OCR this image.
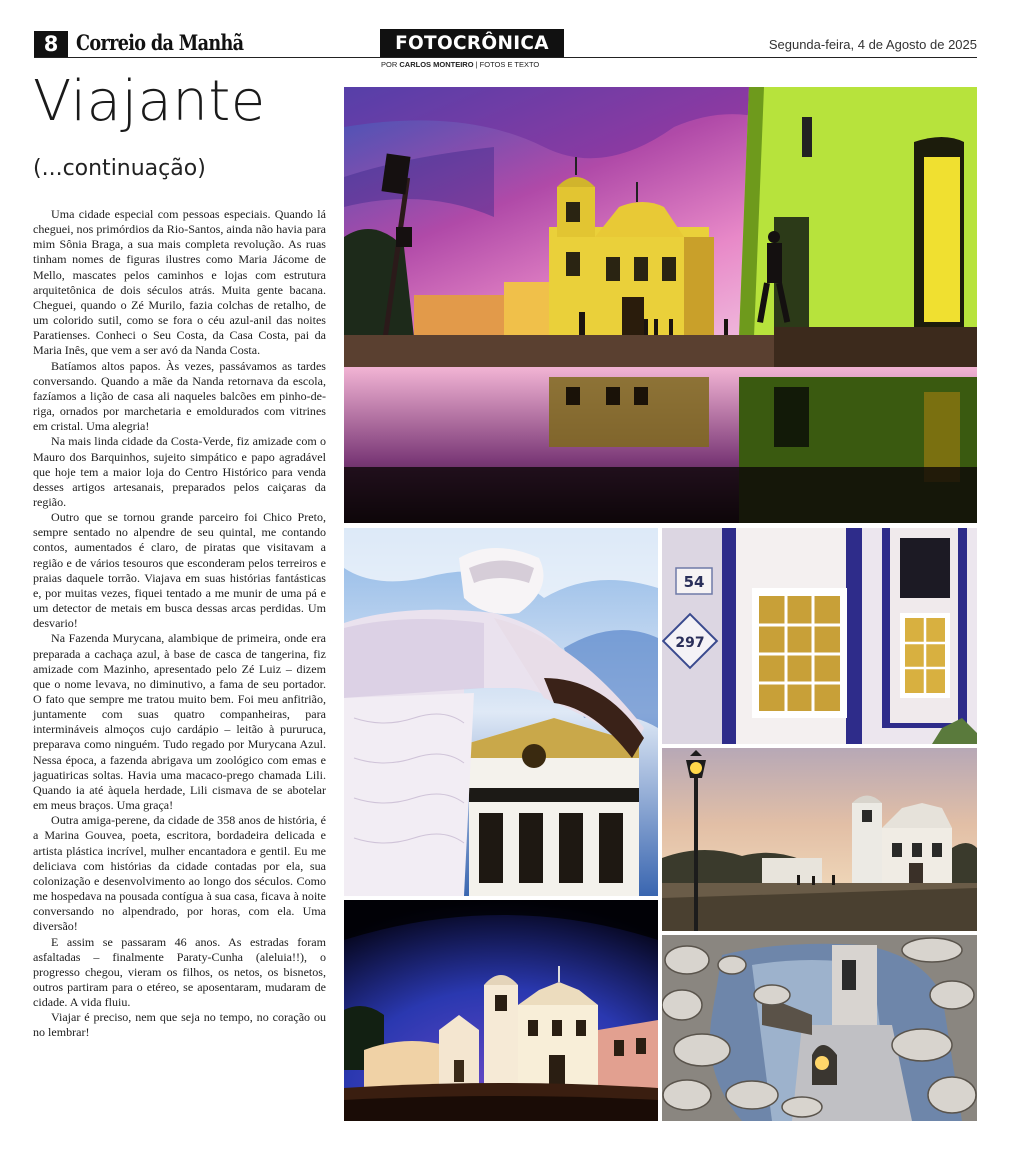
8 Correio da Manhã	FOTOCRÔNICA
POR CARLOS MONTEIRO | FOTOS E TEXTO
Segunda-feira, 4 de Agosto de 2025
Viajante
(...continuação)

Uma cidade especial com pessoas especiais. Quando lá cheguei, nos primórdios da Rio-Santos, ainda não havia para mim Sônia Braga, a sua mais completa revolução. As ruas tinham nomes de figuras ilustres como Maria Jácome de Mello, mascates pelos caminhos e lojas com estrutura arquitetônica de dois séculos atrás. Muita gente bacana. Cheguei, quando o Zé Murilo, fazia colchas de retalho, de um colorido sutil, como se fora o céu azul-anil das noites Paratienses. Conheci o Seu Costa, da Casa Costa, pai da Maria Inês, que vem a ser avó da Nanda Costa.

Batíamos altos papos. Às vezes, passávamos as tardes conversando. Quando a mãe da Nanda retornava da escola, fazíamos a lição de casa ali naqueles balcões em pinho-de-riga, ornados por marchetaria e emoldurados com vitrines em cristal. Uma alegria!

Na mais linda cidade da Costa-Verde, fiz amizade com o Mauro dos Barquinhos, sujeito simpático e papo agradável que hoje tem a maior loja do Centro Histórico para venda desses artigos artesanais, preparados pelos caiçaras da região.

Outro que se tornou grande parceiro foi Chico Preto, sempre sentado no alpendre de seu quintal, me contando contos, aumentados é claro, de piratas que visitavam a região e de vários tesouros que esconderam pelos terreiros e praias daquele torrão. Viajava em suas histórias fantásticas e, por muitas vezes, fiquei tentado a me munir de uma pá e um detector de metais em busca dessas arcas perdidas. Um desvario!

Na Fazenda Murycana, alambique de primeira, onde era preparada a cachaça azul, à base de casca de tangerina, fiz amizade com Mazinho, apresentado pelo Zé Luiz – dizem que o nome levava, no diminutivo, a fama de seu portador. O fato que sempre me tratou muito bem. Foi meu anfitrião, juntamente com suas quatro companheiras, para intermináveis almoços cujo cardápio – leitão à pururuca, preparava como ninguém. Tudo regado por Murycana Azul. Nessa época, a fazenda abrigava um zoológico com emas e jaguatiricas soltas. Havia uma macaco-prego chamada Lili. Quando ia até àquela herdade, Lili cismava de se abotelar em meus braços. Uma graça!

Outra amiga-perene, da cidade de 358 anos de história, é a Marina Gouvea, poeta, escritora, bordadeira delicada e artista plástica incrível, mulher encantadora e gentil. Eu me deliciava com histórias da cidade contadas por ela, sua colonização e desenvolvimento ao longo dos séculos. Como me hospedava na pousada contígua à sua casa, ficava à noite conversando no alpendrado, por horas, com ela. Uma diversão!

E assim se passaram 46 anos. As estradas foram asfaltadas – finalmente Paraty-Cunha (aleluia!!), o progresso chegou, vieram os filhos, os netos, os bisnetos, outros partiram para o etéreo, se aposentaram, mudaram de cidade. A vida fluiu.

Viajar é preciso, nem que seja no tempo, no coração ou no lembrar!

54
297
